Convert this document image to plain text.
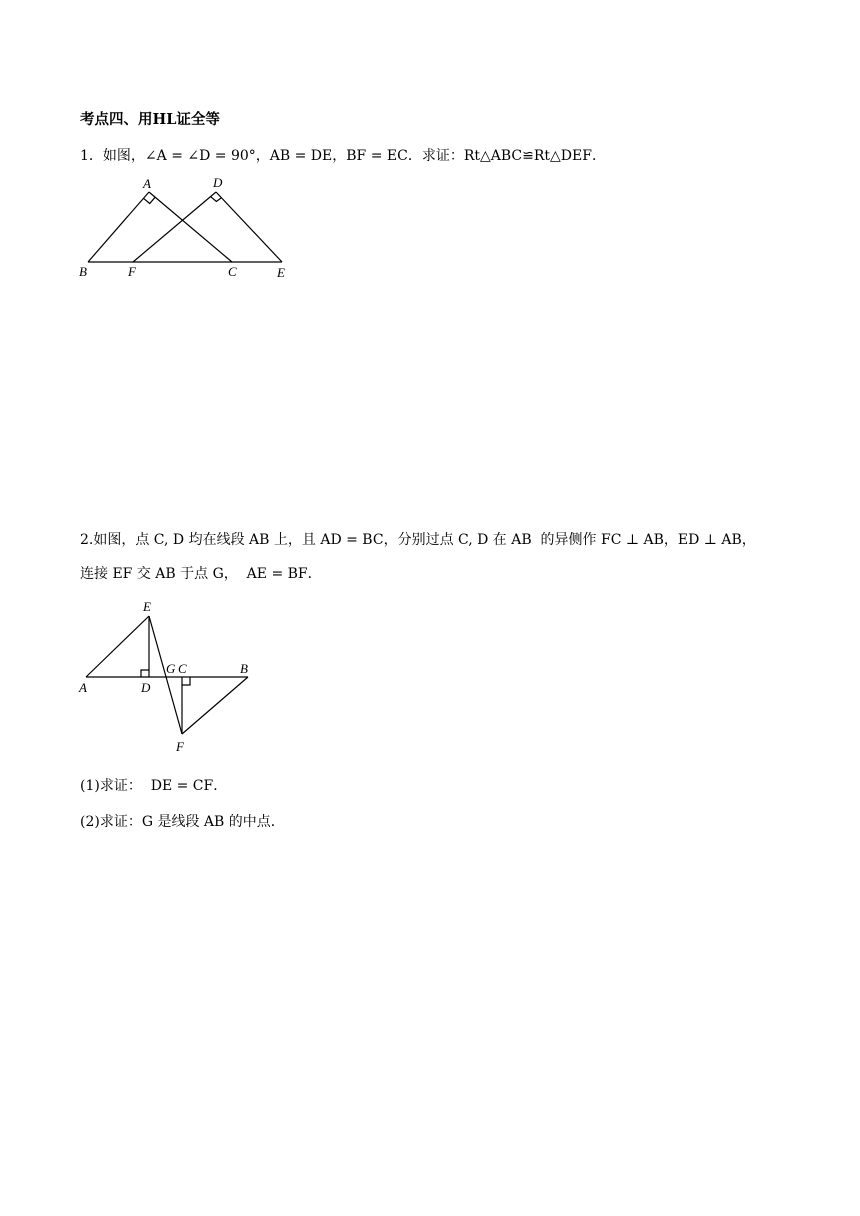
考点四、用HL证全等
1．如图，∠A = ∠D = 90°，AB = DE，BF = EC．求证：Rt△ABC≌Rt△DEF．
A	D
B	F	C	E
2.如图，点 C, D 均在线段 AB 上，且 AD = BC，分别过点 C, D 在 AB  的异侧作 FC ⊥ AB，ED ⊥ AB，
连接 EF 交 AB 于点 G，  AE = BF．
E
A	D
G C	B
F
(1)求证：  DE = CF．
(2)求证：G 是线段 AB 的中点．
